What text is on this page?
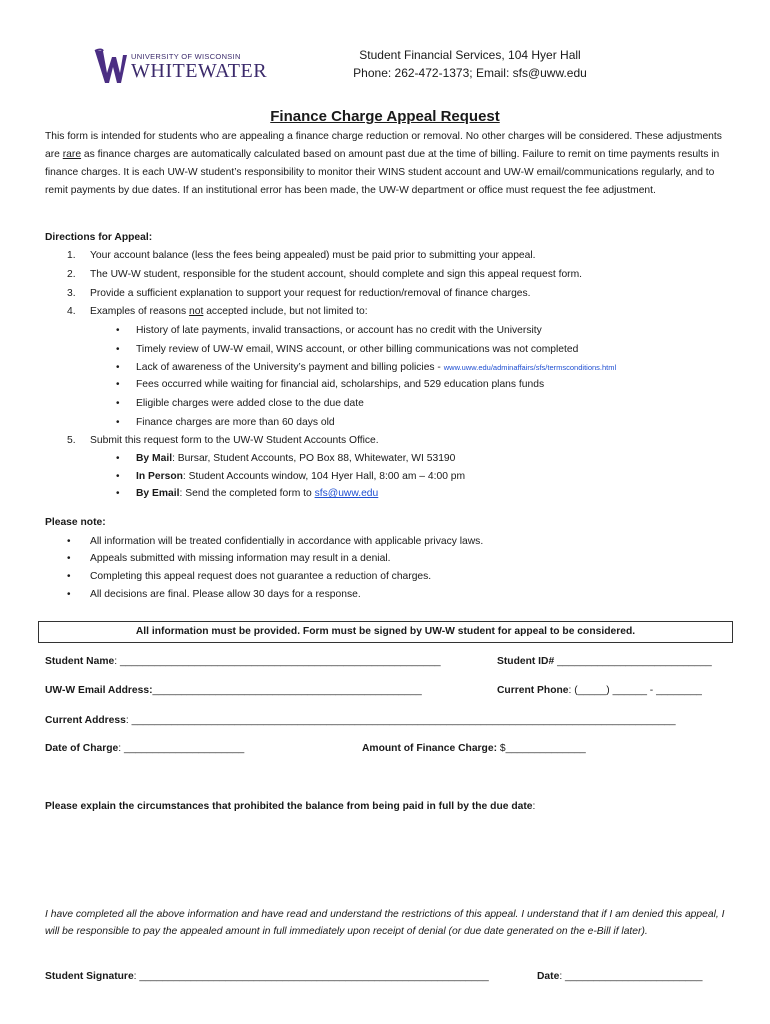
UNIVERSITY OF WISCONSIN
WHITEWATER
Student Financial Services, 104 Hyer Hall
Phone: 262-472-1373; Email: sfs@uww.edu
Finance Charge Appeal Request
This form is intended for students who are appealing a finance charge reduction or removal. No other charges will be considered. These adjustments are rare as finance charges are automatically calculated based on amount past due at the time of billing. Failure to remit on time payments results in finance charges. It is each UW-W student’s responsibility to monitor their WINS student account and UW-W email/communications regularly, and to remit payments by due dates. If an institutional error has been made, the UW-W department or office must request the fee adjustment.
Directions for Appeal:
1. Your account balance (less the fees being appealed) must be paid prior to submitting your appeal.
2. The UW-W student, responsible for the student account, should complete and sign this appeal request form.
3. Provide a sufficient explanation to support your request for reduction/removal of finance charges.
4. Examples of reasons not accepted include, but not limited to:
• History of late payments, invalid transactions, or account has no credit with the University
• Timely review of UW-W email, WINS account, or other billing communications was not completed
• Lack of awareness of the University’s payment and billing policies - www.uww.edu/adminaffairs/sfs/termsconditions.html
• Fees occurred while waiting for financial aid, scholarships, and 529 education plans funds
• Eligible charges were added close to the due date
• Finance charges are more than 60 days old
5. Submit this request form to the UW-W Student Accounts Office.
• By Mail: Bursar, Student Accounts, PO Box 88, Whitewater, WI 53190
• In Person: Student Accounts window, 104 Hyer Hall, 8:00 am – 4:00 pm
• By Email: Send the completed form to sfs@uww.edu
Please note:
• All information will be treated confidentially in accordance with applicable privacy laws.
• Appeals submitted with missing information may result in a denial.
• Completing this appeal request does not guarantee a reduction of charges.
• All decisions are final. Please allow 30 days for a response.
All information must be provided. Form must be signed by UW-W student for appeal to be considered.
Student Name: ________________________________________________________	Student ID# ___________________________
UW-W Email Address:_______________________________________________	Current Phone: (_____) ______ - ________
Current Address: _______________________________________________________________________________________________
Date of Charge: _____________________	Amount of Finance Charge: $______________
Please explain the circumstances that prohibited the balance from being paid in full by the due date:
I have completed all the above information and have read and understand the restrictions of this appeal. I understand that if I am denied this appeal, I will be responsible to pay the appealed amount in full immediately upon receipt of denial (or due date generated on the e-Bill if later).
Student Signature: _____________________________________________________________	Date: ________________________
